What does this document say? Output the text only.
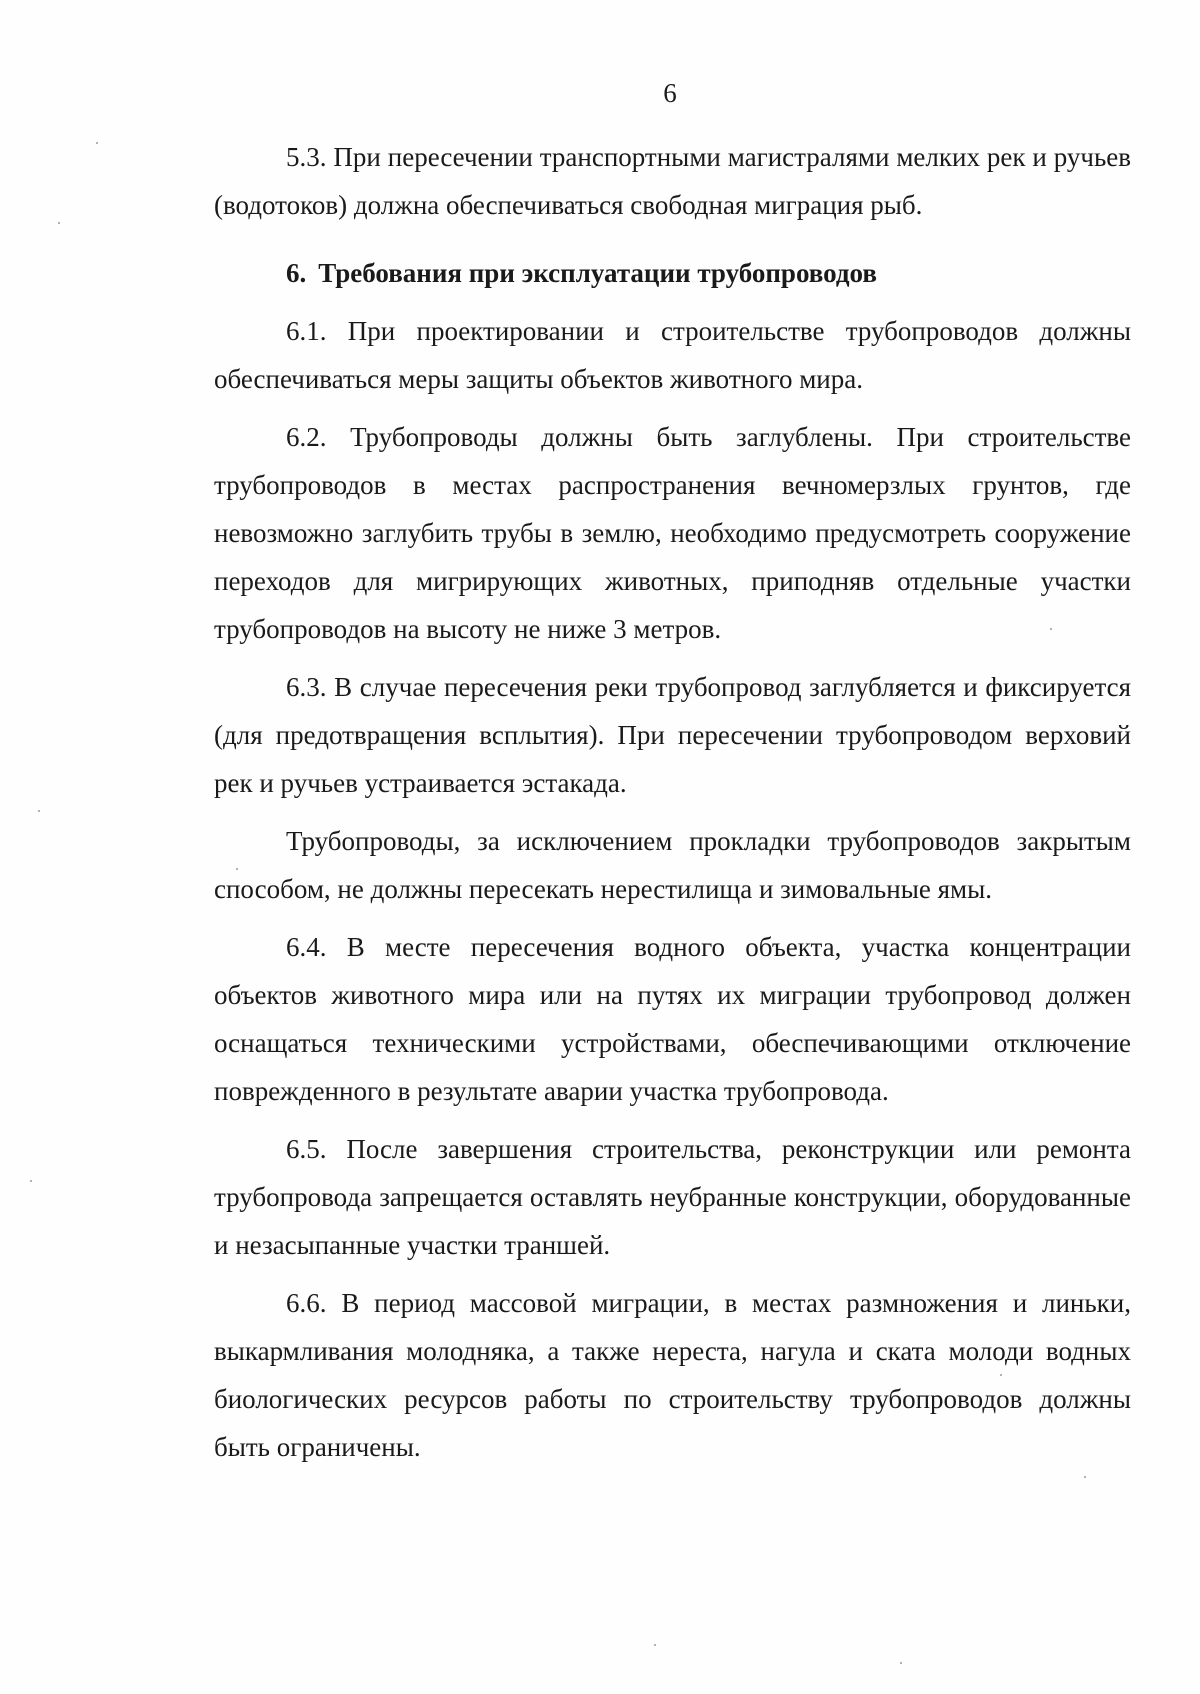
6

5.3. При пересечении транспортными магистралями мелких рек и ручьев (водотоков) должна обеспечиваться свободная миграция рыб.

6. Требования при эксплуатации трубопроводов

6.1. При проектировании и строительстве трубопроводов должны обеспечиваться меры защиты объектов животного мира.

6.2. Трубопроводы должны быть заглублены. При строительстве трубопроводов в местах распространения вечномерзлых грунтов, где невозможно заглубить трубы в землю, необходимо предусмотреть сооружение переходов для мигрирующих животных, приподняв отдельные участки трубопроводов на высоту не ниже 3 метров.

6.3. В случае пересечения реки трубопровод заглубляется и фиксируется (для предотвращения всплытия). При пересечении трубопроводом верховий рек и ручьев устраивается эстакада.

Трубопроводы, за исключением прокладки трубопроводов закрытым способом, не должны пересекать нерестилища и зимовальные ямы.

6.4. В месте пересечения водного объекта, участка концентрации объектов животного мира или на путях их миграции трубопровод должен оснащаться техническими устройствами, обеспечивающими отключение поврежденного в результате аварии участка трубопровода.

6.5. После завершения строительства, реконструкции или ремонта трубопровода запрещается оставлять неубранные конструкции, оборудованные и незасыпанные участки траншей.

6.6. В период массовой миграции, в местах размножения и линьки, выкармливания молодняка, а также нереста, нагула и ската молоди водных биологических ресурсов работы по строительству трубопроводов должны быть ограничены.
